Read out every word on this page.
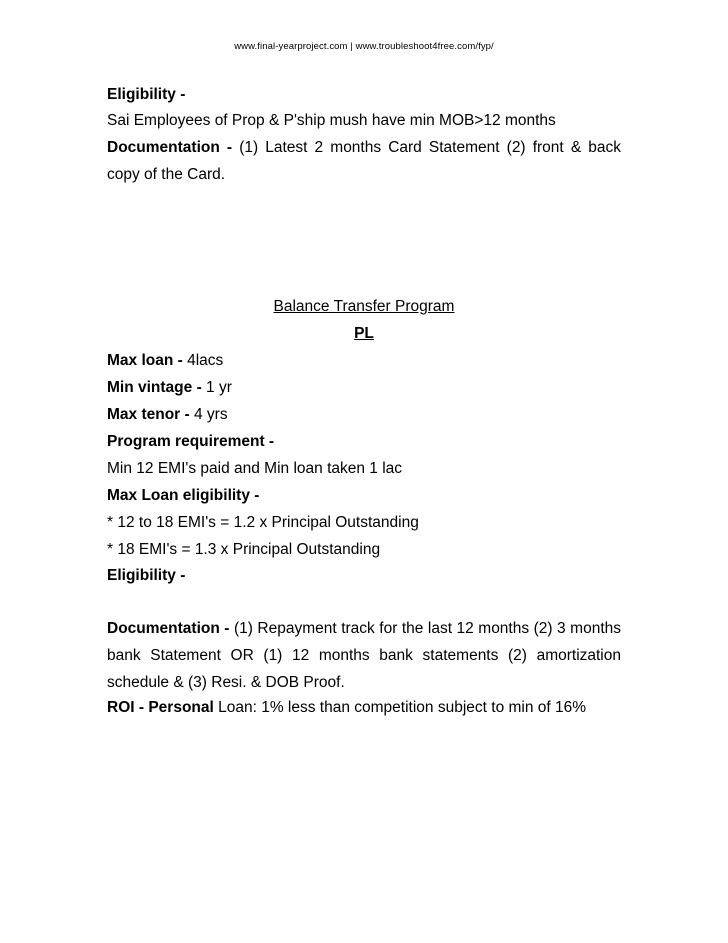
www.final-yearproject.com | www.troubleshoot4free.com/fyp/
Eligibility -
Sai Employees of Prop & P'ship mush have min MOB>12 months
Documentation - (1) Latest 2 months Card Statement (2) front & back
copy of the Card.
Balance Transfer Program
PL
Max loan - 4lacs
Min vintage - 1 yr
Max tenor - 4 yrs
Program requirement -
Min 12 EMI's paid and Min loan taken 1 lac
Max Loan eligibility -
* 12 to 18 EMI's = 1.2 x Principal Outstanding
* 18 EMI's = 1.3 x Principal Outstanding
Eligibility -
Documentation - (1) Repayment track for the last 12 months (2) 3 months
bank Statement OR (1) 12 months bank statements (2) amortization
schedule & (3) Resi. & DOB Proof.
ROI - Personal Loan: 1% less than competition subject to min of 16%
